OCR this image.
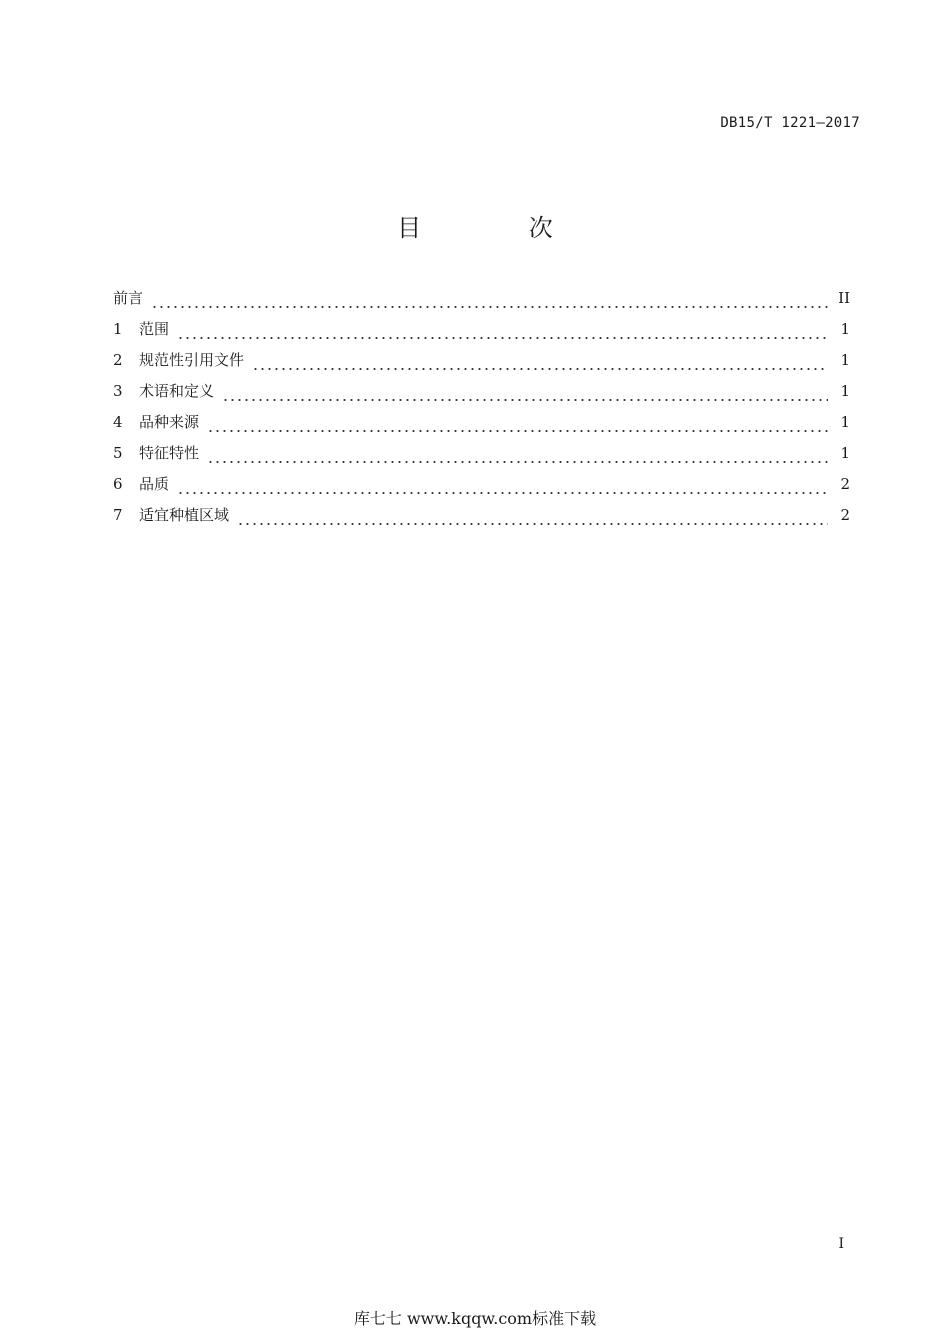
DB15/T 1221—2017
目 次
前言	II
1	范围	1
2	规范性引用文件	1
3	术语和定义	1
4	品种来源	1
5	特征特性	1
6	品质	2
7	适宜种植区域	2
I
库七七 www.kqqw.com标准下载
